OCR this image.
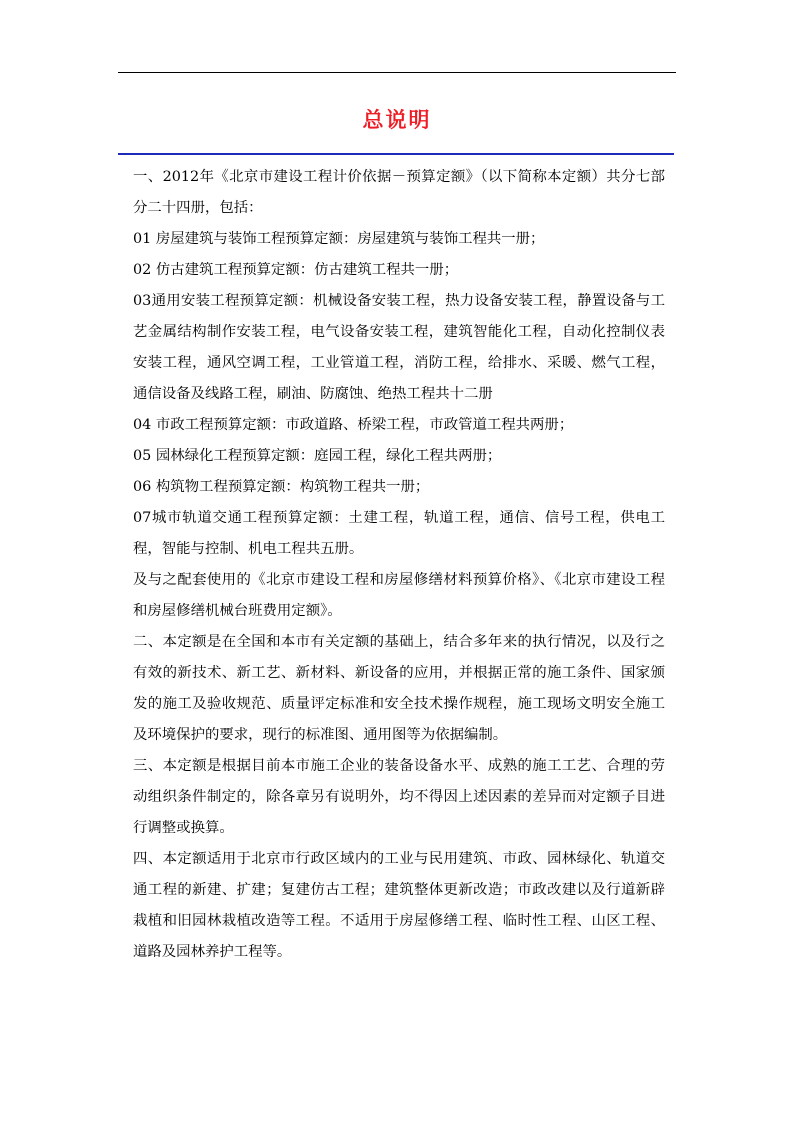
总说明

一、2012年《北京市建设工程计价依据－预算定额》（以下简称本定额）共分七部分二十四册，包括：

01 房屋建筑与装饰工程预算定额：房屋建筑与装饰工程共一册；

02 仿古建筑工程预算定额：仿古建筑工程共一册；

03通用安装工程预算定额：机械设备安装工程，热力设备安装工程，静置设备与工艺金属结构制作安装工程，电气设备安装工程，建筑智能化工程，自动化控制仪表安装工程，通风空调工程，工业管道工程，消防工程，给排水、采暖、燃气工程，通信设备及线路工程，刷油、防腐蚀、绝热工程共十二册

04 市政工程预算定额：市政道路、桥梁工程，市政管道工程共两册；

05 园林绿化工程预算定额：庭园工程，绿化工程共两册；

06 构筑物工程预算定额：构筑物工程共一册；

07城市轨道交通工程预算定额：土建工程，轨道工程，通信、信号工程，供电工程，智能与控制、机电工程共五册。

及与之配套使用的《北京市建设工程和房屋修缮材料预算价格》、《北京市建设工程和房屋修缮机械台班费用定额》。

二、本定额是在全国和本市有关定额的基础上，结合多年来的执行情况，以及行之有效的新技术、新工艺、新材料、新设备的应用，并根据正常的施工条件、国家颁发的施工及验收规范、质量评定标准和安全技术操作规程，施工现场文明安全施工及环境保护的要求，现行的标准图、通用图等为依据编制。

三、本定额是根据目前本市施工企业的装备设备水平、成熟的施工工艺、合理的劳动组织条件制定的，除各章另有说明外，均不得因上述因素的差异而对定额子目进行调整或换算。

四、本定额适用于北京市行政区域内的工业与民用建筑、市政、园林绿化、轨道交通工程的新建、扩建；复建仿古工程；建筑整体更新改造；市政改建以及行道新辟栽植和旧园林栽植改造等工程。不适用于房屋修缮工程、临时性工程、山区工程、道路及园林养护工程等。
